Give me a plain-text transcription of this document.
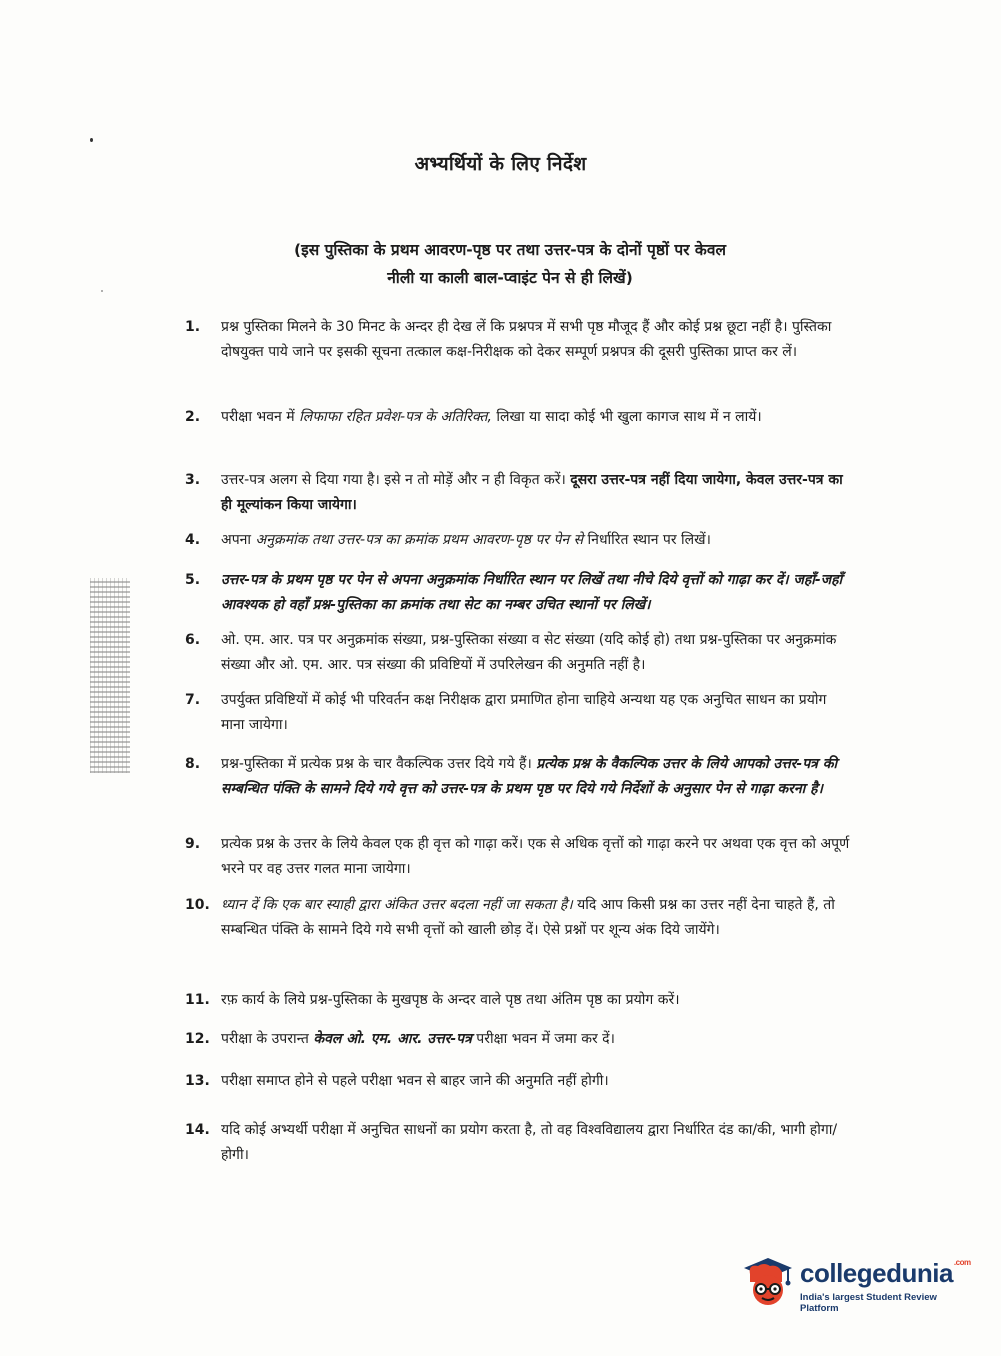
अभ्यर्थियों के लिए निर्देश
(इस पुस्तिका के प्रथम आवरण-पृष्ठ पर तथा उत्तर-पत्र के दोनों पृष्ठों पर केवल
नीली या काली बाल-प्वाइंट पेन से ही लिखें)
1.	प्रश्न पुस्तिका मिलने के 30 मिनट के अन्दर ही देख लें कि प्रश्नपत्र में सभी पृष्ठ मौजूद हैं और कोई प्रश्न छूटा नहीं है। पुस्तिका दोषयुक्त पाये जाने पर इसकी सूचना तत्काल कक्ष-निरीक्षक को देकर सम्पूर्ण प्रश्नपत्र की दूसरी पुस्तिका प्राप्त कर लें।
2.	परीक्षा भवन में लिफाफा रहित प्रवेश-पत्र के अतिरिक्त, लिखा या सादा कोई भी खुला कागज साथ में न लायें।
3.	उत्तर-पत्र अलग से दिया गया है। इसे न तो मोड़ें और न ही विकृत करें। दूसरा उत्तर-पत्र नहीं दिया जायेगा, केवल उत्तर-पत्र का ही मूल्यांकन किया जायेगा।
4.	अपना अनुक्रमांक तथा उत्तर-पत्र का क्रमांक प्रथम आवरण-पृष्ठ पर पेन से निर्धारित स्थान पर लिखें।
5.	उत्तर-पत्र के प्रथम पृष्ठ पर पेन से अपना अनुक्रमांक निर्धारित स्थान पर लिखें तथा नीचे दिये वृत्तों को गाढ़ा कर दें। जहाँ-जहाँ आवश्यक हो वहाँ प्रश्न-पुस्तिका का क्रमांक तथा सेट का नम्बर उचित स्थानों पर लिखें।
6.	ओ. एम. आर. पत्र पर अनुक्रमांक संख्या, प्रश्न-पुस्तिका संख्या व सेट संख्या (यदि कोई हो) तथा प्रश्न-पुस्तिका पर अनुक्रमांक संख्या और ओ. एम. आर. पत्र संख्या की प्रविष्टियों में उपरिलेखन की अनुमति नहीं है।
7.	उपर्युक्त प्रविष्टियों में कोई भी परिवर्तन कक्ष निरीक्षक द्वारा प्रमाणित होना चाहिये अन्यथा यह एक अनुचित साधन का प्रयोग माना जायेगा।
8.	प्रश्न-पुस्तिका में प्रत्येक प्रश्न के चार वैकल्पिक उत्तर दिये गये हैं। प्रत्येक प्रश्न के वैकल्पिक उत्तर के लिये आपको उत्तर-पत्र की सम्बन्धित पंक्ति के सामने दिये गये वृत्त को उत्तर-पत्र के प्रथम पृष्ठ पर दिये गये निर्देशों के अनुसार पेन से गाढ़ा करना है।
9.	प्रत्येक प्रश्न के उत्तर के लिये केवल एक ही वृत्त को गाढ़ा करें। एक से अधिक वृत्तों को गाढ़ा करने पर अथवा एक वृत्त को अपूर्ण भरने पर वह उत्तर गलत माना जायेगा।
10. ध्यान दें कि एक बार स्याही द्वारा अंकित उत्तर बदला नहीं जा सकता है। यदि आप किसी प्रश्न का उत्तर नहीं देना चाहते हैं, तो सम्बन्धित पंक्ति के सामने दिये गये सभी वृत्तों को खाली छोड़ दें। ऐसे प्रश्नों पर शून्य अंक दिये जायेंगे।
11. रफ़ कार्य के लिये प्रश्न-पुस्तिका के मुखपृष्ठ के अन्दर वाले पृष्ठ तथा अंतिम पृष्ठ का प्रयोग करें।
12. परीक्षा के उपरान्त केवल ओ. एम. आर. उत्तर-पत्र परीक्षा भवन में जमा कर दें।
13. परीक्षा समाप्त होने से पहले परीक्षा भवन से बाहर जाने की अनुमति नहीं होगी।
14. यदि कोई अभ्यर्थी परीक्षा में अनुचित साधनों का प्रयोग करता है, तो वह विश्वविद्यालय द्वारा निर्धारित दंड का/की, भागी होगा/होगी।
collegedunia$^{.com}$
India's largest Student Review Platform
